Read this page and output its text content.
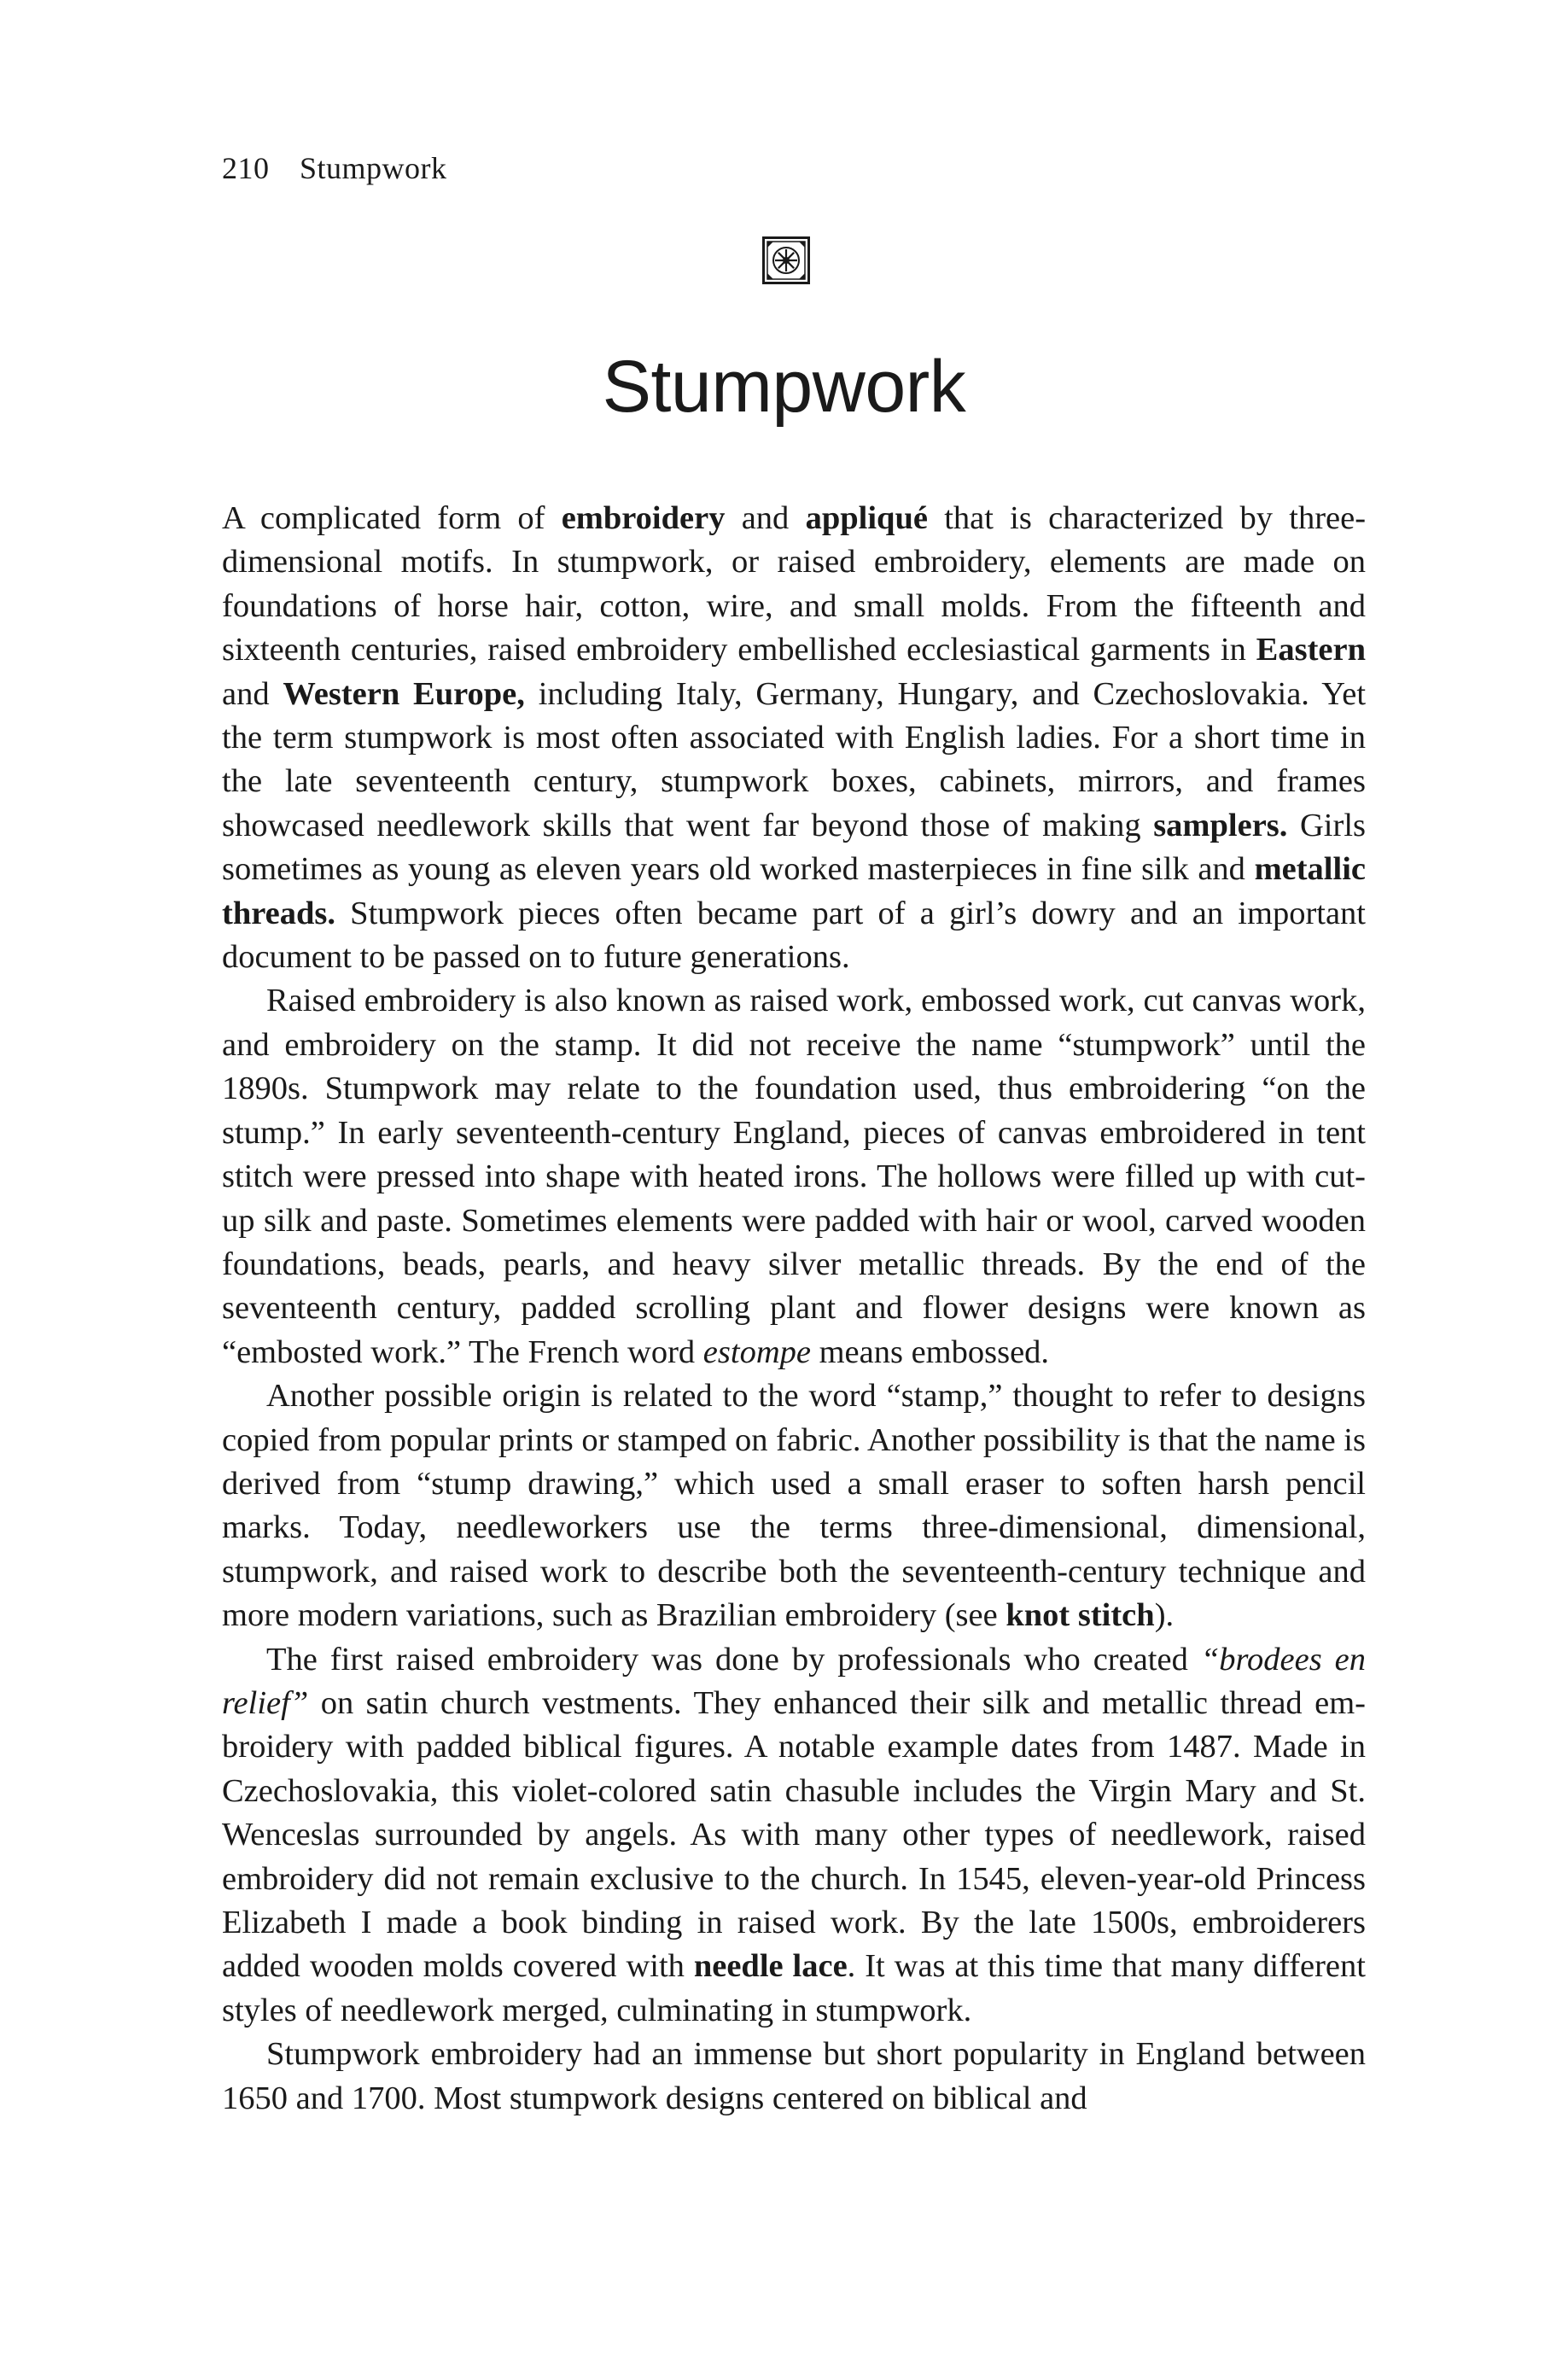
210 Stumpwork
Stumpwork

A complicated form of embroidery and appliqué that is characterized by three-dimensional motifs. In stumpwork, or raised embroidery, elements are made on foundations of horse hair, cotton, wire, and small molds. From the fifteenth and sixteenth centuries, raised embroidery embellished ecclesiastical garments in Eastern and Western Europe, including Italy, Germany, Hungary, and Czechoslovakia. Yet the term stumpwork is most often associated with English ladies. For a short time in the late seventeenth century, stumpwork boxes, cabinets, mirrors, and frames showcased needlework skills that went far beyond those of making samplers. Girls sometimes as young as eleven years old worked masterpieces in fine silk and metallic threads. Stumpwork pieces often became part of a girl’s dowry and an important document to be passed on to future generations.

Raised embroidery is also known as raised work, embossed work, cut canvas work, and embroidery on the stamp. It did not receive the name “stumpwork” until the 1890s. Stumpwork may relate to the foundation used, thus embroidering “on the stump.” In early seventeenth-century England, pieces of canvas embroidered in tent stitch were pressed into shape with heated irons. The hollows were filled up with cut-up silk and paste. Sometimes elements were padded with hair or wool, carved wooden foundations, beads, pearls, and heavy silver metallic threads. By the end of the seventeenth century, padded scrolling plant and flower designs were known as “embosted work.” The French word estompe means embossed.

Another possible origin is related to the word “stamp,” thought to refer to designs copied from popular prints or stamped on fabric. Another possibility is that the name is derived from “stump drawing,” which used a small eraser to soften harsh pencil marks. Today, needleworkers use the terms three-dimensional, dimensional, stumpwork, and raised work to describe both the seventeenth-century technique and more modern variations, such as Brazilian embroidery (see knot stitch).

The first raised embroidery was done by professionals who created “brodees en relief” on satin church vestments. They enhanced their silk and metallic thread embroidery with padded biblical figures. A notable example dates from 1487. Made in Czechoslovakia, this violet-colored satin chasuble includes the Virgin Mary and St. Wenceslas surrounded by angels. As with many other types of needlework, raised embroidery did not remain exclusive to the church. In 1545, eleven-year-old Princess Elizabeth I made a book binding in raised work. By the late 1500s, embroiderers added wooden molds covered with needle lace. It was at this time that many different styles of needlework merged, culminating in stumpwork.

Stumpwork embroidery had an immense but short popularity in England between 1650 and 1700. Most stumpwork designs centered on biblical and
